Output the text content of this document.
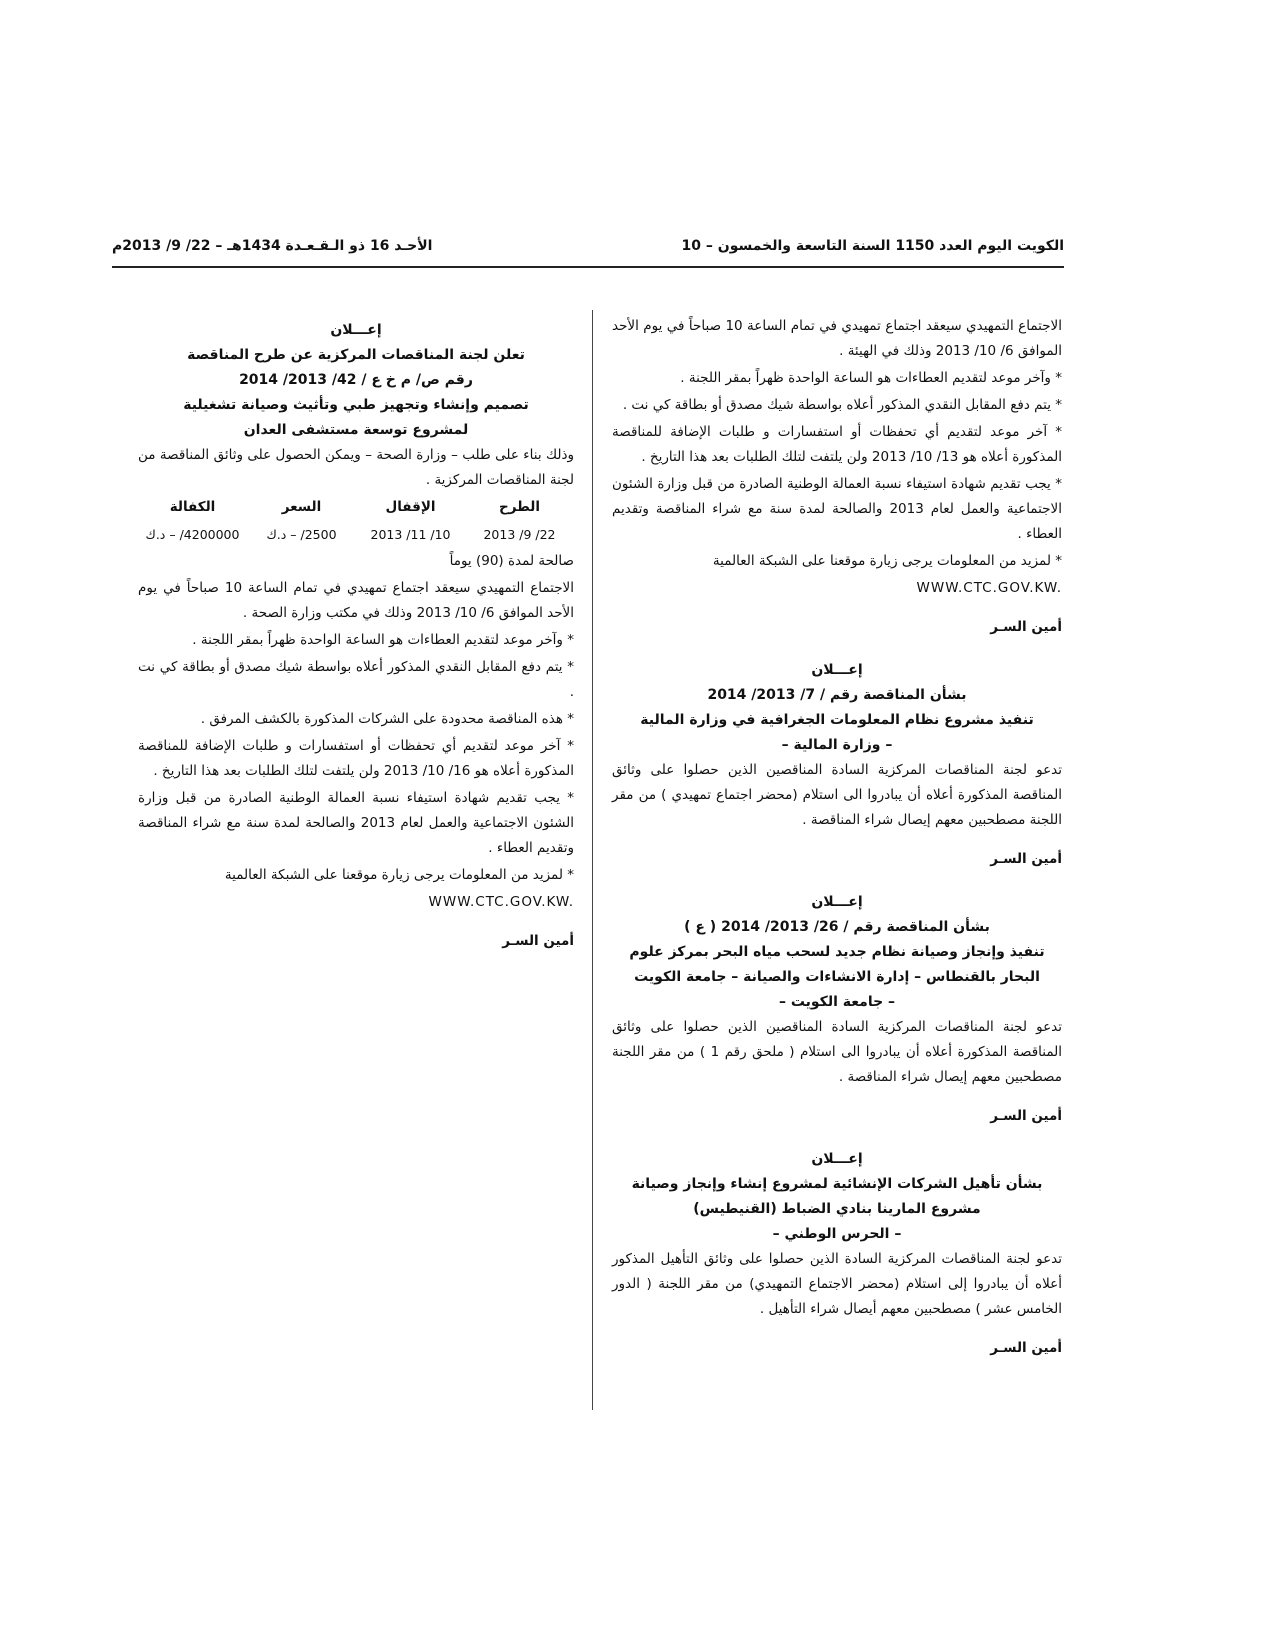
الكويت اليوم العدد 1150 السنة التاسعة والخمسون – 10
الأحـد 16 ذو الـقـعـدة 1434هـ – 22/ 9/ 2013م

الاجتماع التمهيدي سيعقد اجتماع تمهيدي في تمام الساعة 10 صباحاً في يوم الأحد الموافق 6/ 10/ 2013 وذلك في الهيئة .

* وآخر موعد لتقديم العطاءات هو الساعة الواحدة ظهراً بمقر اللجنة .

* يتم دفع المقابل النقدي المذكور أعلاه بواسطة شيك مصدق أو بطاقة كي نت .

* آخر موعد لتقديم أي تحفظات أو استفسارات و طلبات الإضافة للمناقصة المذكورة أعلاه هو 13/ 10/ 2013 ولن يلتفت لتلك الطلبات بعد هذا التاريخ .

* يجب تقديم شهادة استيفاء نسبة العمالة الوطنية الصادرة من قبل وزارة الشئون الاجتماعية والعمل لعام 2013 والصالحة لمدة سنة مع شراء المناقصة وتقديم العطاء .

* لمزيد من المعلومات يرجى زيارة موقعنا على الشبكة العالمية

WWW.CTC.GOV.KW.

أمين السـر
إعـــلان
بشأن المناقصة رقم / 7/ 2013/ 2014
تنفيذ مشروع نظام المعلومات الجغرافية في وزارة المالية
– وزارة المالية –

تدعو لجنة المناقصات المركزية السادة المناقصين الذين حصلوا على وثائق المناقصة المذكورة أعلاه أن يبادروا الى استلام (محضر اجتماع تمهيدي ) من مقر اللجنة مصطحبين معهم إيصال شراء المناقصة .

أمين السـر
إعـــلان
بشأن المناقصة رقم / 26/ 2013/ 2014 ( ع )
تنفيذ وإنجاز وصيانة نظام جديد لسحب مياه البحر بمركز علوم البحار بالقنطاس – إدارة الانشاءات والصيانة – جامعة الكويت
– جامعة الكويت –

تدعو لجنة المناقصات المركزية السادة المناقصين الذين حصلوا على وثائق المناقصة المذكورة أعلاه أن يبادروا الى استلام ( ملحق رقم 1 ) من مقر اللجنة مصطحبين معهم إيصال شراء المناقصة .

أمين السـر
إعـــلان
بشأن تأهيل الشركات الإنشائية لمشروع إنشاء وإنجاز وصيانة مشروع المارينا بنادي الضباط (القنيطيس)
– الحرس الوطني –

تدعو لجنة المناقصات المركزية السادة الذين حصلوا على وثائق التأهيل المذكور أعلاه أن يبادروا إلى استلام (محضر الاجتماع التمهيدي) من مقر اللجنة ( الدور الخامس عشر ) مصطحبين معهم أيصال شراء التأهيل .

أمين السـر
إعـــلان
تعلن لجنة المناقصات المركزية عن طرح المناقصة
رقم ص/ م خ ع / 42/ 2013/ 2014
تصميم وإنشاء وتجهيز طبي وتأثيث وصيانة تشغيلية
لمشروع توسعة مستشفى العدان

وذلك بناء على طلب – وزارة الصحة – ويمكن الحصول على وثائق المناقصة من لجنة المناقصات المركزية .

الطرح
الإقفال
السعر
الكفالة
22/ 9/ 2013
10/ 11/ 2013
2500/ – د.ك
4200000/ – د.ك

صالحة لمدة (90) يوماً

الاجتماع التمهيدي سيعقد اجتماع تمهيدي في تمام الساعة 10 صباحاً في يوم الأحد الموافق 6/ 10/ 2013 وذلك في مكتب وزارة الصحة .

* وآخر موعد لتقديم العطاءات هو الساعة الواحدة ظهراً بمقر اللجنة .

* يتم دفع المقابل النقدي المذكور أعلاه بواسطة شيك مصدق أو بطاقة كي نت .

* هذه المناقصة محدودة على الشركات المذكورة بالكشف المرفق .

* آخر موعد لتقديم أي تحفظات أو استفسارات و طلبات الإضافة للمناقصة المذكورة أعلاه هو 16/ 10/ 2013 ولن يلتفت لتلك الطلبات بعد هذا التاريخ .

* يجب تقديم شهادة استيفاء نسبة العمالة الوطنية الصادرة من قبل وزارة الشئون الاجتماعية والعمل لعام 2013 والصالحة لمدة سنة مع شراء المناقصة وتقديم العطاء .

* لمزيد من المعلومات يرجى زيارة موقعنا على الشبكة العالمية

WWW.CTC.GOV.KW.

أمين السـر
